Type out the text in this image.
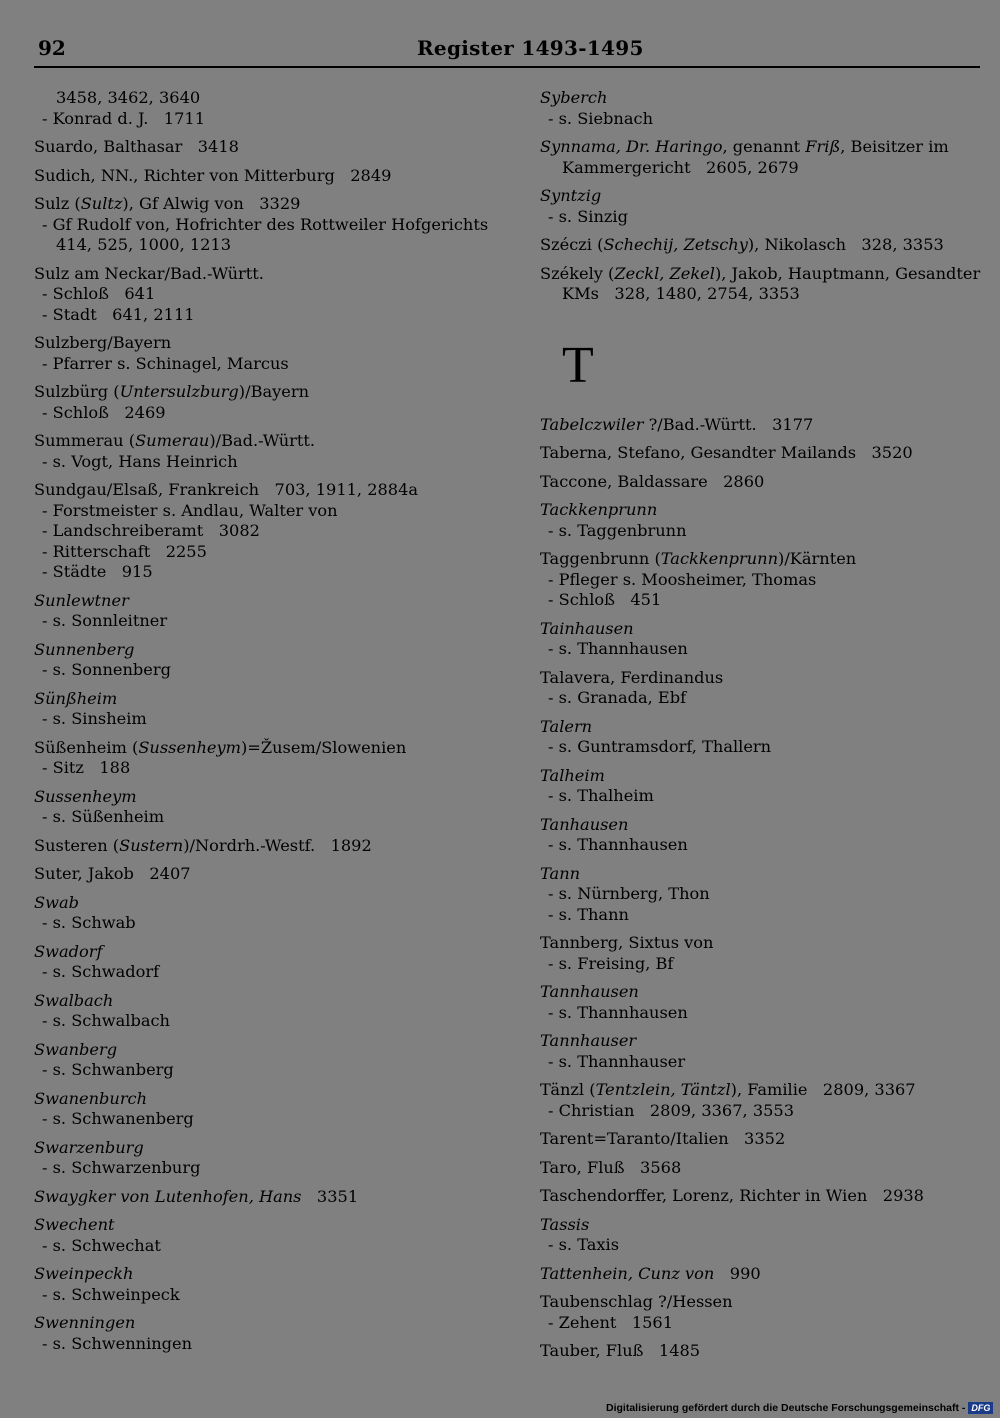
92	Register 1493-1495
3458, 3462, 3640
- Konrad d. J.   1711
Suardo, Balthasar   3418
Sudich, NN., Richter von Mitterburg   2849
Sulz (Sultz), Gf Alwig von   3329
- Gf Rudolf von, Hofrichter des Rottweiler Hofgerichts
414, 525, 1000, 1213
Sulz am Neckar/Bad.-Württ.
- Schloß   641
- Stadt   641, 2111
Sulzberg/Bayern
- Pfarrer s. Schinagel, Marcus
Sulzbürg (Untersulzburg)/Bayern
- Schloß   2469
Summerau (Sumerau)/Bad.-Württ.
- s. Vogt, Hans Heinrich
Sundgau/Elsaß, Frankreich   703, 1911, 2884a
- Forstmeister s. Andlau, Walter von
- Landschreiberamt   3082
- Ritterschaft   2255
- Städte   915
Sunlewtner
- s. Sonnleitner
Sunnenberg
- s. Sonnenberg
Sünßheim
- s. Sinsheim
Süßenheim (Sussenheym)=Žusem/Slowenien
- Sitz   188
Sussenheym
- s. Süßenheim
Susteren (Sustern)/Nordrh.-Westf.   1892
Suter, Jakob   2407
Swab
- s. Schwab
Swadorf
- s. Schwadorf
Swalbach
- s. Schwalbach
Swanberg
- s. Schwanberg
Swanenburch
- s. Schwanenberg
Swarzenburg
- s. Schwarzenburg
Swaygker von Lutenhofen, Hans   3351
Swechent
- s. Schwechat
Sweinpeckh
- s. Schweinpeck
Swenningen
- s. Schwenningen
Syberch
- s. Siebnach
Synnama, Dr. Haringo, genannt Friß, Beisitzer im
Kammergericht   2605, 2679
Syntzig
- s. Sinzig
Széczi (Schechij, Zetschy), Nikolasch   328, 3353
Székely (Zeckl, Zekel), Jakob, Hauptmann, Gesandter
KMs   328, 1480, 2754, 3353
T
Tabelczwiler ?/Bad.-Württ.   3177
Taberna, Stefano, Gesandter Mailands   3520
Taccone, Baldassare   2860
Tackkenprunn
- s. Taggenbrunn
Taggenbrunn (Tackkenprunn)/Kärnten
- Pfleger s. Moosheimer, Thomas
- Schloß   451
Tainhausen
- s. Thannhausen
Talavera, Ferdinandus
- s. Granada, Ebf
Talern
- s. Guntramsdorf, Thallern
Talheim
- s. Thalheim
Tanhausen
- s. Thannhausen
Tann
- s. Nürnberg, Thon
- s. Thann
Tannberg, Sixtus von
- s. Freising, Bf
Tannhausen
- s. Thannhausen
Tannhauser
- s. Thannhauser
Tänzl (Tentzlein, Täntzl), Familie   2809, 3367
- Christian   2809, 3367, 3553
Tarent=Taranto/Italien   3352
Taro, Fluß   3568
Taschendorffer, Lorenz, Richter in Wien   2938
Tassis
- s. Taxis
Tattenhein, Cunz von   990
Taubenschlag ?/Hessen
- Zehent   1561
Tauber, Fluß   1485
Digitalisierung gefördert durch die Deutsche Forschungsgemeinschaft - DFG
